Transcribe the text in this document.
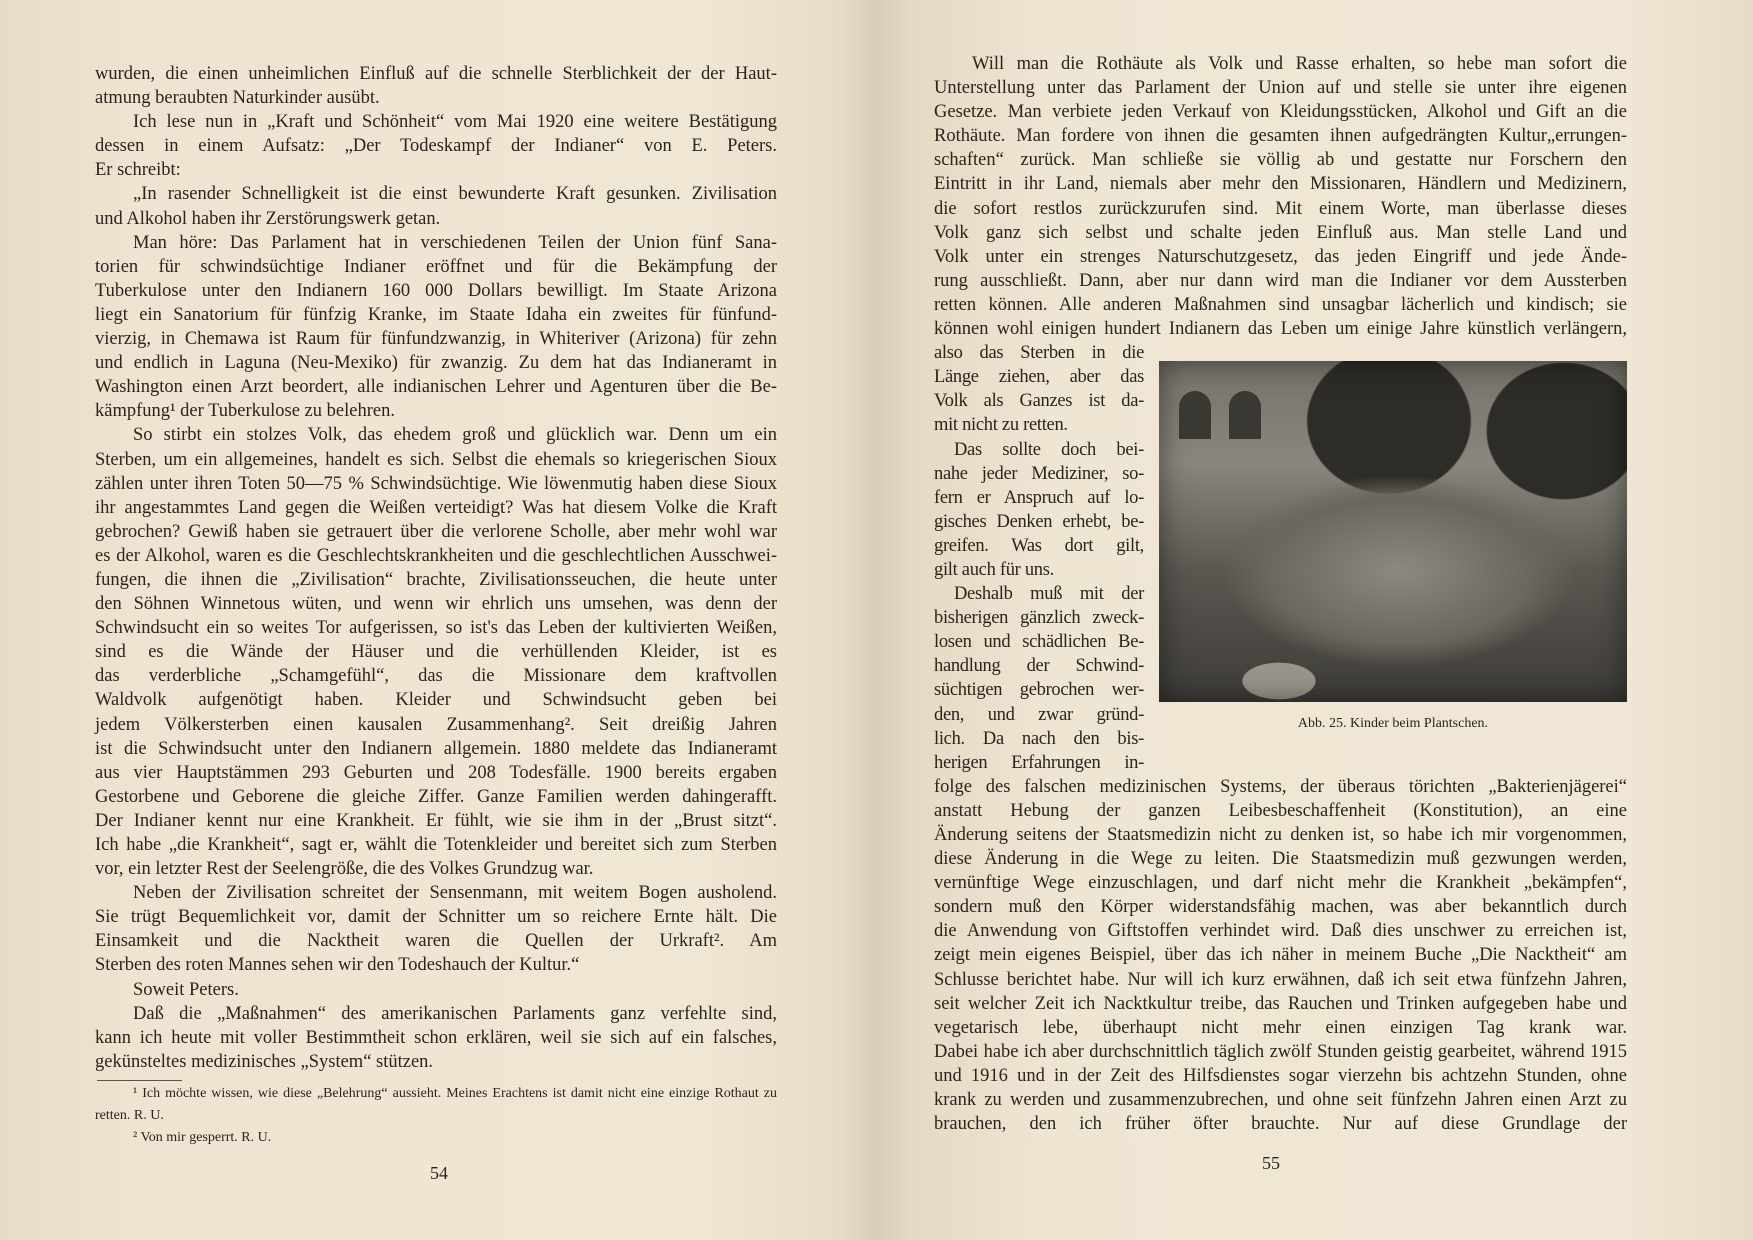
wurden, die einen unheimlichen Einfluß auf die schnelle Sterblichkeit der der Haut-
atmung beraubten Naturkinder ausübt.
Ich lese nun in „Kraft und Schönheit“ vom Mai 1920 eine weitere Bestätigung
dessen in einem Aufsatz: „Der Todeskampf der Indianer“ von E. Peters.
Er schreibt:
„In rasender Schnelligkeit ist die einst bewunderte Kraft gesunken. Zivilisation
und Alkohol haben ihr Zerstörungswerk getan.
Man höre: Das Parlament hat in verschiedenen Teilen der Union fünf Sana-
torien für schwindsüchtige Indianer eröffnet und für die Bekämpfung der
Tuberkulose unter den Indianern 160 000 Dollars bewilligt. Im Staate Arizona
liegt ein Sanatorium für fünfzig Kranke, im Staate Idaha ein zweites für fünfund-
vierzig, in Chemawa ist Raum für fünfundzwanzig, in Whiteriver (Arizona) für zehn
und endlich in Laguna (Neu-Mexiko) für zwanzig. Zu dem hat das Indianeramt in
Washington einen Arzt beordert, alle indianischen Lehrer und Agenturen über die Be-
kämpfung¹ der Tuberkulose zu belehren.
So stirbt ein stolzes Volk, das ehedem groß und glücklich war. Denn um ein
Sterben, um ein allgemeines, handelt es sich. Selbst die ehemals so kriegerischen Sioux
zählen unter ihren Toten 50—75 % Schwindsüchtige. Wie löwenmutig haben diese Sioux
ihr angestammtes Land gegen die Weißen verteidigt? Was hat diesem Volke die Kraft
gebrochen? Gewiß haben sie getrauert über die verlorene Scholle, aber mehr wohl war
es der Alkohol, waren es die Geschlechtskrankheiten und die geschlechtlichen Ausschwei-
fungen, die ihnen die „Zivilisation“ brachte, Zivilisationsseuchen, die heute unter
den Söhnen Winnetous wüten, und wenn wir ehrlich uns umsehen, was denn der
Schwindsucht ein so weites Tor aufgerissen, so ist's das Leben der kultivierten Weißen,
sind es die Wände der Häuser und die verhüllenden Kleider, ist es
das verderbliche „Schamgefühl“, das die Missionare dem kraftvollen
Waldvolk aufgenötigt haben. Kleider und Schwindsucht geben bei
jedem Völkersterben einen kausalen Zusammenhang². Seit dreißig Jahren
ist die Schwindsucht unter den Indianern allgemein. 1880 meldete das Indianeramt
aus vier Hauptstämmen 293 Geburten und 208 Todesfälle. 1900 bereits ergaben
Gestorbene und Geborene die gleiche Ziffer. Ganze Familien werden dahingerafft.
Der Indianer kennt nur eine Krankheit. Er fühlt, wie sie ihm in der „Brust sitzt“.
Ich habe „die Krankheit“, sagt er, wählt die Totenkleider und bereitet sich zum Sterben
vor, ein letzter Rest der Seelengröße, die des Volkes Grundzug war.
Neben der Zivilisation schreitet der Sensenmann, mit weitem Bogen ausholend.
Sie trügt Bequemlichkeit vor, damit der Schnitter um so reichere Ernte hält. Die
Einsamkeit und die Nacktheit waren die Quellen der Urkraft². Am
Sterben des roten Mannes sehen wir den Todeshauch der Kultur.“
Soweit Peters.
Daß die „Maßnahmen“ des amerikanischen Parlaments ganz verfehlte sind,
kann ich heute mit voller Bestimmtheit schon erklären, weil sie sich auf ein falsches,
gekünsteltes medizinisches „System“ stützen.
¹ Ich möchte wissen, wie diese „Belehrung“ aussieht. Meines Erachtens ist damit nicht eine einzige Rothaut zu retten. R. U.
² Von mir gesperrt. R. U.
54
Will man die Rothäute als Volk und Rasse erhalten, so hebe man sofort die
Unterstellung unter das Parlament der Union auf und stelle sie unter ihre eigenen
Gesetze. Man verbiete jeden Verkauf von Kleidungsstücken, Alkohol und Gift an die
Rothäute. Man fordere von ihnen die gesamten ihnen aufgedrängten Kultur„errungen-
schaften“ zurück. Man schließe sie völlig ab und gestatte nur Forschern den
Eintritt in ihr Land, niemals aber mehr den Missionaren, Händlern und Medizinern,
die sofort restlos zurückzurufen sind. Mit einem Worte, man überlasse dieses
Volk ganz sich selbst und schalte jeden Einfluß aus. Man stelle Land und
Volk unter ein strenges Naturschutzgesetz, das jeden Eingriff und jede Ände-
rung ausschließt. Dann, aber nur dann wird man die Indianer vor dem Aussterben
retten können. Alle anderen Maßnahmen sind unsagbar lächerlich und kindisch; sie
können wohl einigen hundert Indianern das Leben um einige Jahre künstlich verlängern,
also das Sterben in die
Länge ziehen, aber das
Volk als Ganzes ist da-
mit nicht zu retten.
Das sollte doch bei-
nahe jeder Mediziner, so-
fern er Anspruch auf lo-
gisches Denken erhebt, be-
greifen. Was dort gilt,
gilt auch für uns.
Deshalb muß mit der
bisherigen gänzlich zweck-
losen und schädlichen Be-
handlung der Schwind-
süchtigen gebrochen wer-
den, und zwar gründ-
lich. Da nach den bis-
herigen Erfahrungen in-
folge des falschen medizinischen Systems, der überaus törichten „Bakterienjägerei“
anstatt Hebung der ganzen Leibesbeschaffenheit (Konstitution), an eine
Änderung seitens der Staatsmedizin nicht zu denken ist, so habe ich mir vorgenommen,
diese Änderung in die Wege zu leiten. Die Staatsmedizin muß gezwungen werden,
vernünftige Wege einzuschlagen, und darf nicht mehr die Krankheit „bekämpfen“,
sondern muß den Körper widerstandsfähig machen, was aber bekanntlich durch
die Anwendung von Giftstoffen verhindet wird. Daß dies unschwer zu erreichen ist,
zeigt mein eigenes Beispiel, über das ich näher in meinem Buche „Die Nacktheit“ am
Schlusse berichtet habe. Nur will ich kurz erwähnen, daß ich seit etwa fünfzehn Jahren,
seit welcher Zeit ich Nacktkultur treibe, das Rauchen und Trinken aufgegeben habe und
vegetarisch lebe, überhaupt nicht mehr einen einzigen Tag krank war.
Dabei habe ich aber durchschnittlich täglich zwölf Stunden geistig gearbeitet, während 1915
und 1916 und in der Zeit des Hilfsdienstes sogar vierzehn bis achtzehn Stunden, ohne
krank zu werden und zusammenzubrechen, und ohne seit fünfzehn Jahren einen Arzt zu
brauchen, den ich früher öfter brauchte. Nur auf diese Grundlage der
Abb. 25. Kinder beim Plantschen.
55
